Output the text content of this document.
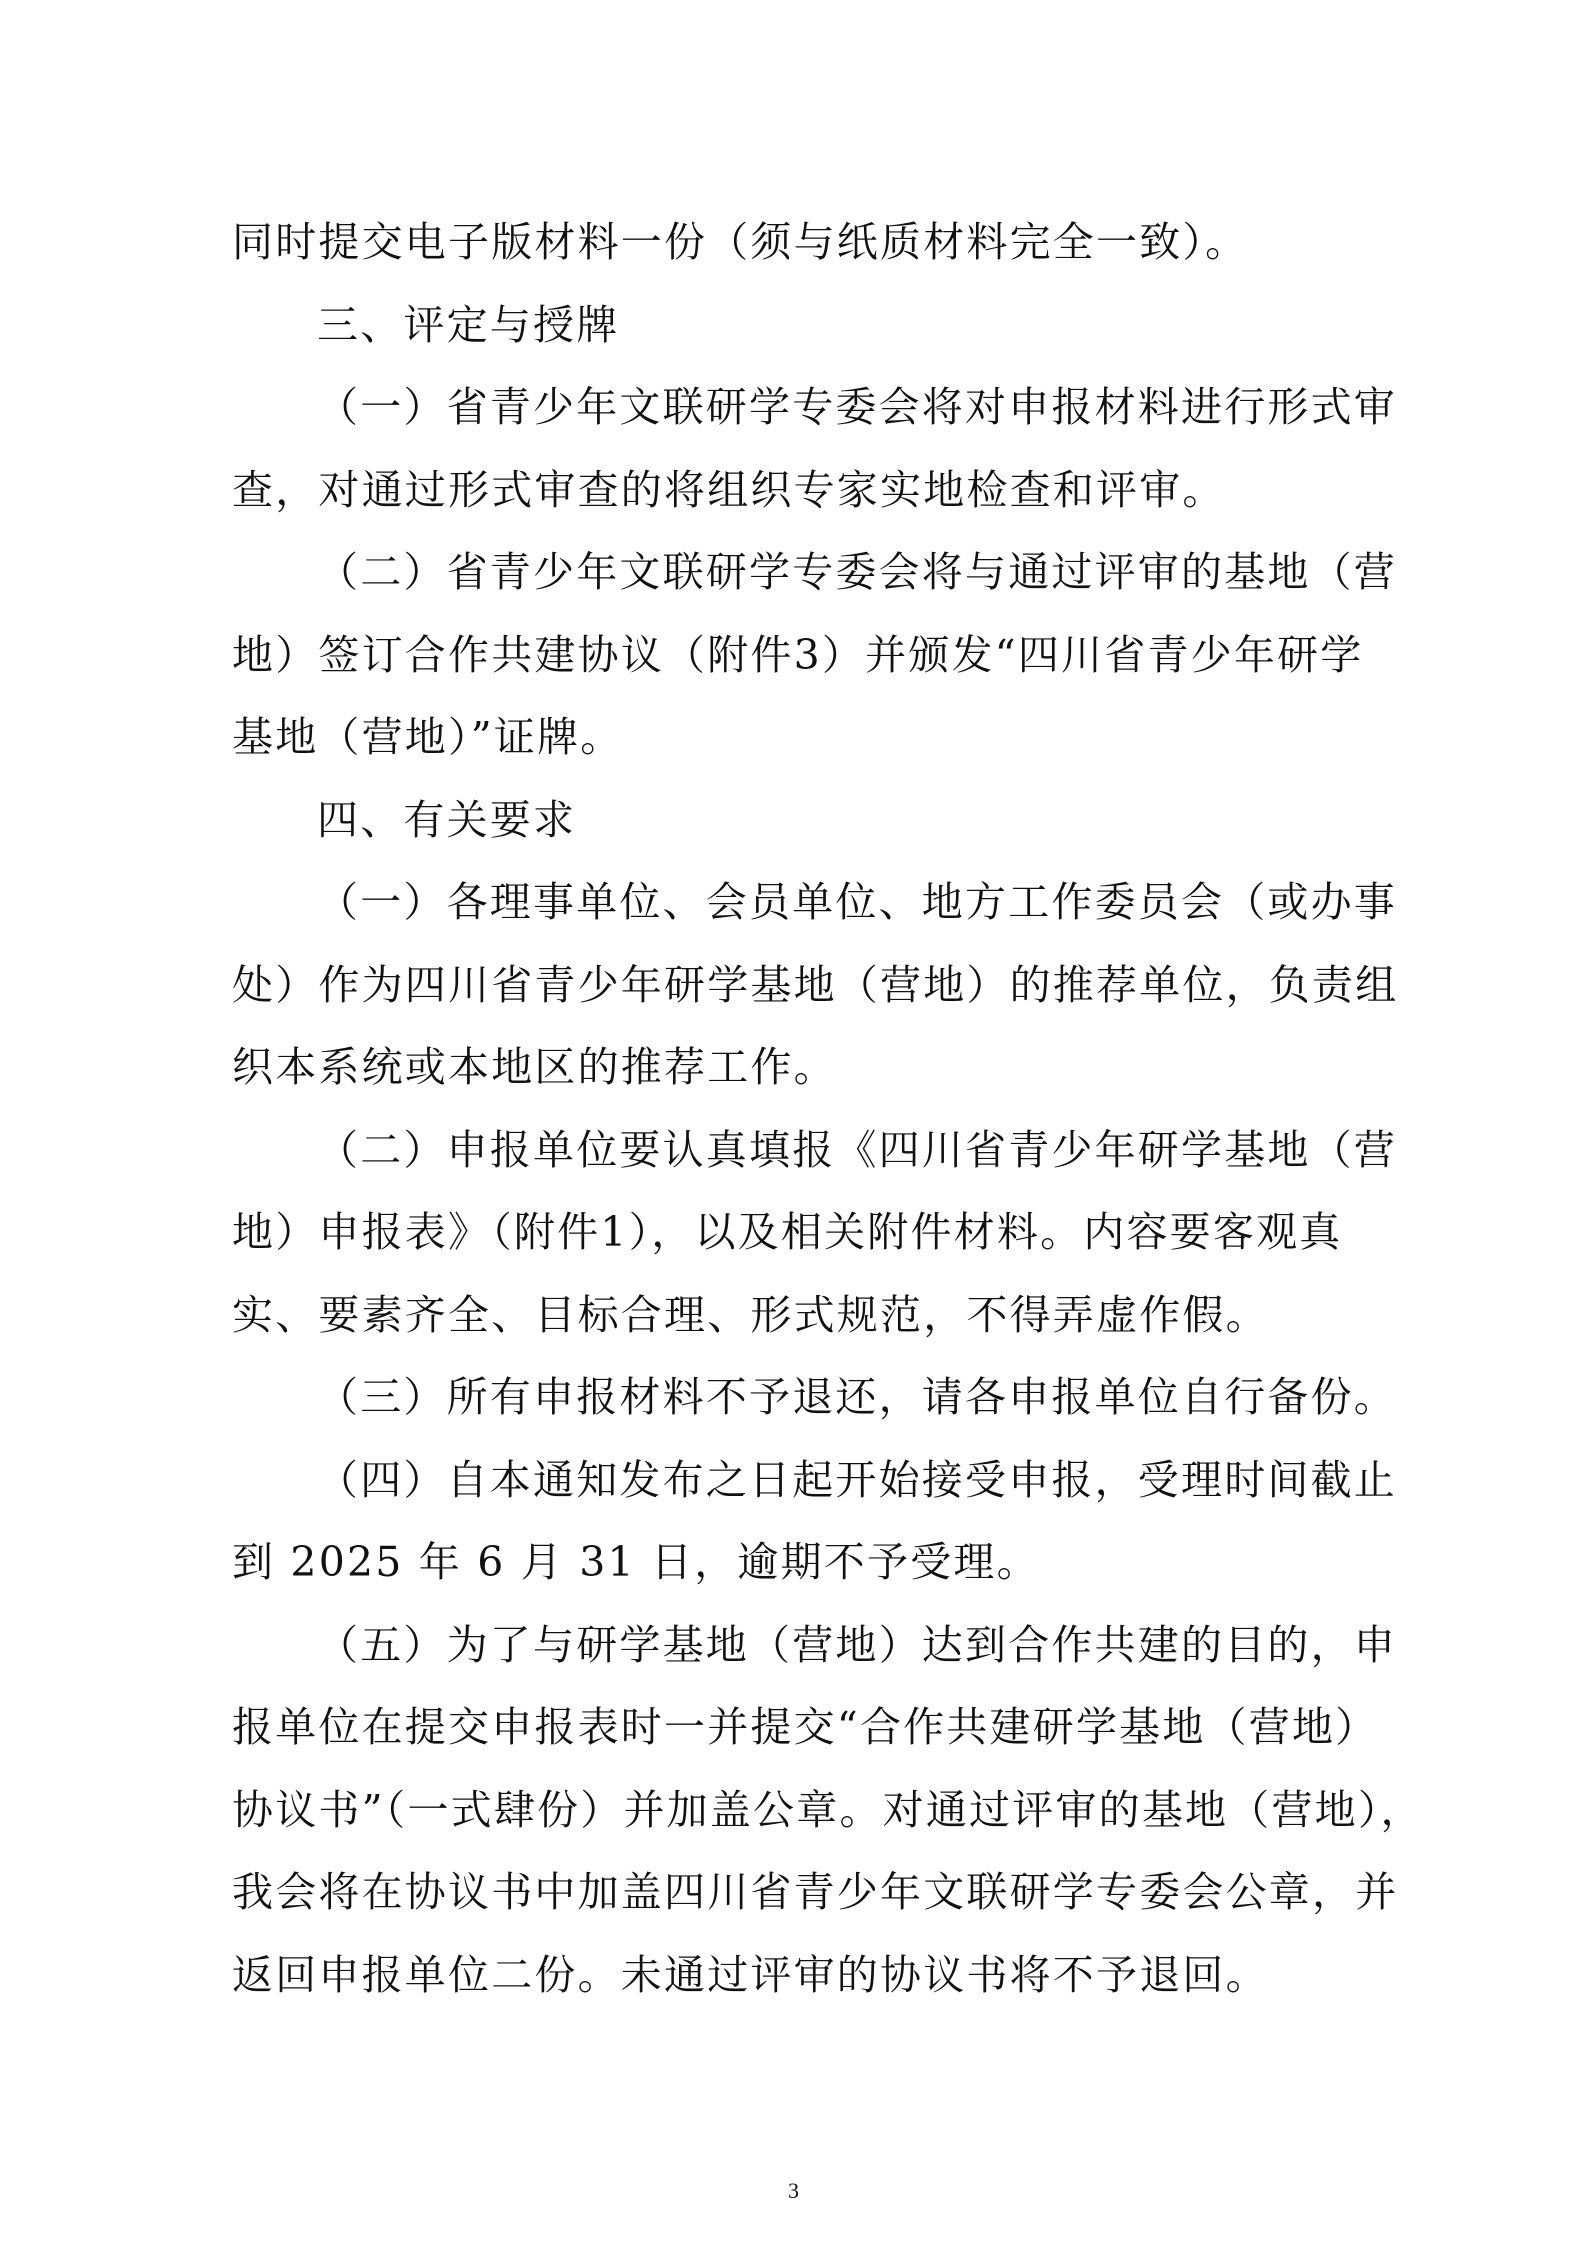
同时提交电子版材料一份（须与纸质材料完全一致）。
三、评定与授牌
（一）省青少年文联研学专委会将对申报材料进行形式审
查，对通过形式审查的将组织专家实地检查和评审。
（二）省青少年文联研学专委会将与通过评审的基地（营
地）签订合作共建协议（附件3）并颁发“四川省青少年研学
基地（营地）”证牌。
四、有关要求
（一）各理事单位、会员单位、地方工作委员会（或办事
处）作为四川省青少年研学基地（营地）的推荐单位，负责组
织本系统或本地区的推荐工作。
（二）申报单位要认真填报《四川省青少年研学基地（营
地）申报表》（附件1），以及相关附件材料。内容要客观真
实、要素齐全、目标合理、形式规范，不得弄虚作假。
（三）所有申报材料不予退还，请各申报单位自行备份。
（四）自本通知发布之日起开始接受申报，受理时间截止
到 2025 年 6 月 31 日，逾期不予受理。
（五）为了与研学基地（营地）达到合作共建的目的，申
报单位在提交申报表时一并提交“合作共建研学基地（营地）
协议书”（一式肆份）并加盖公章。对通过评审的基地（营地），
我会将在协议书中加盖四川省青少年文联研学专委会公章，并
返回申报单位二份。未通过评审的协议书将不予退回。
3
